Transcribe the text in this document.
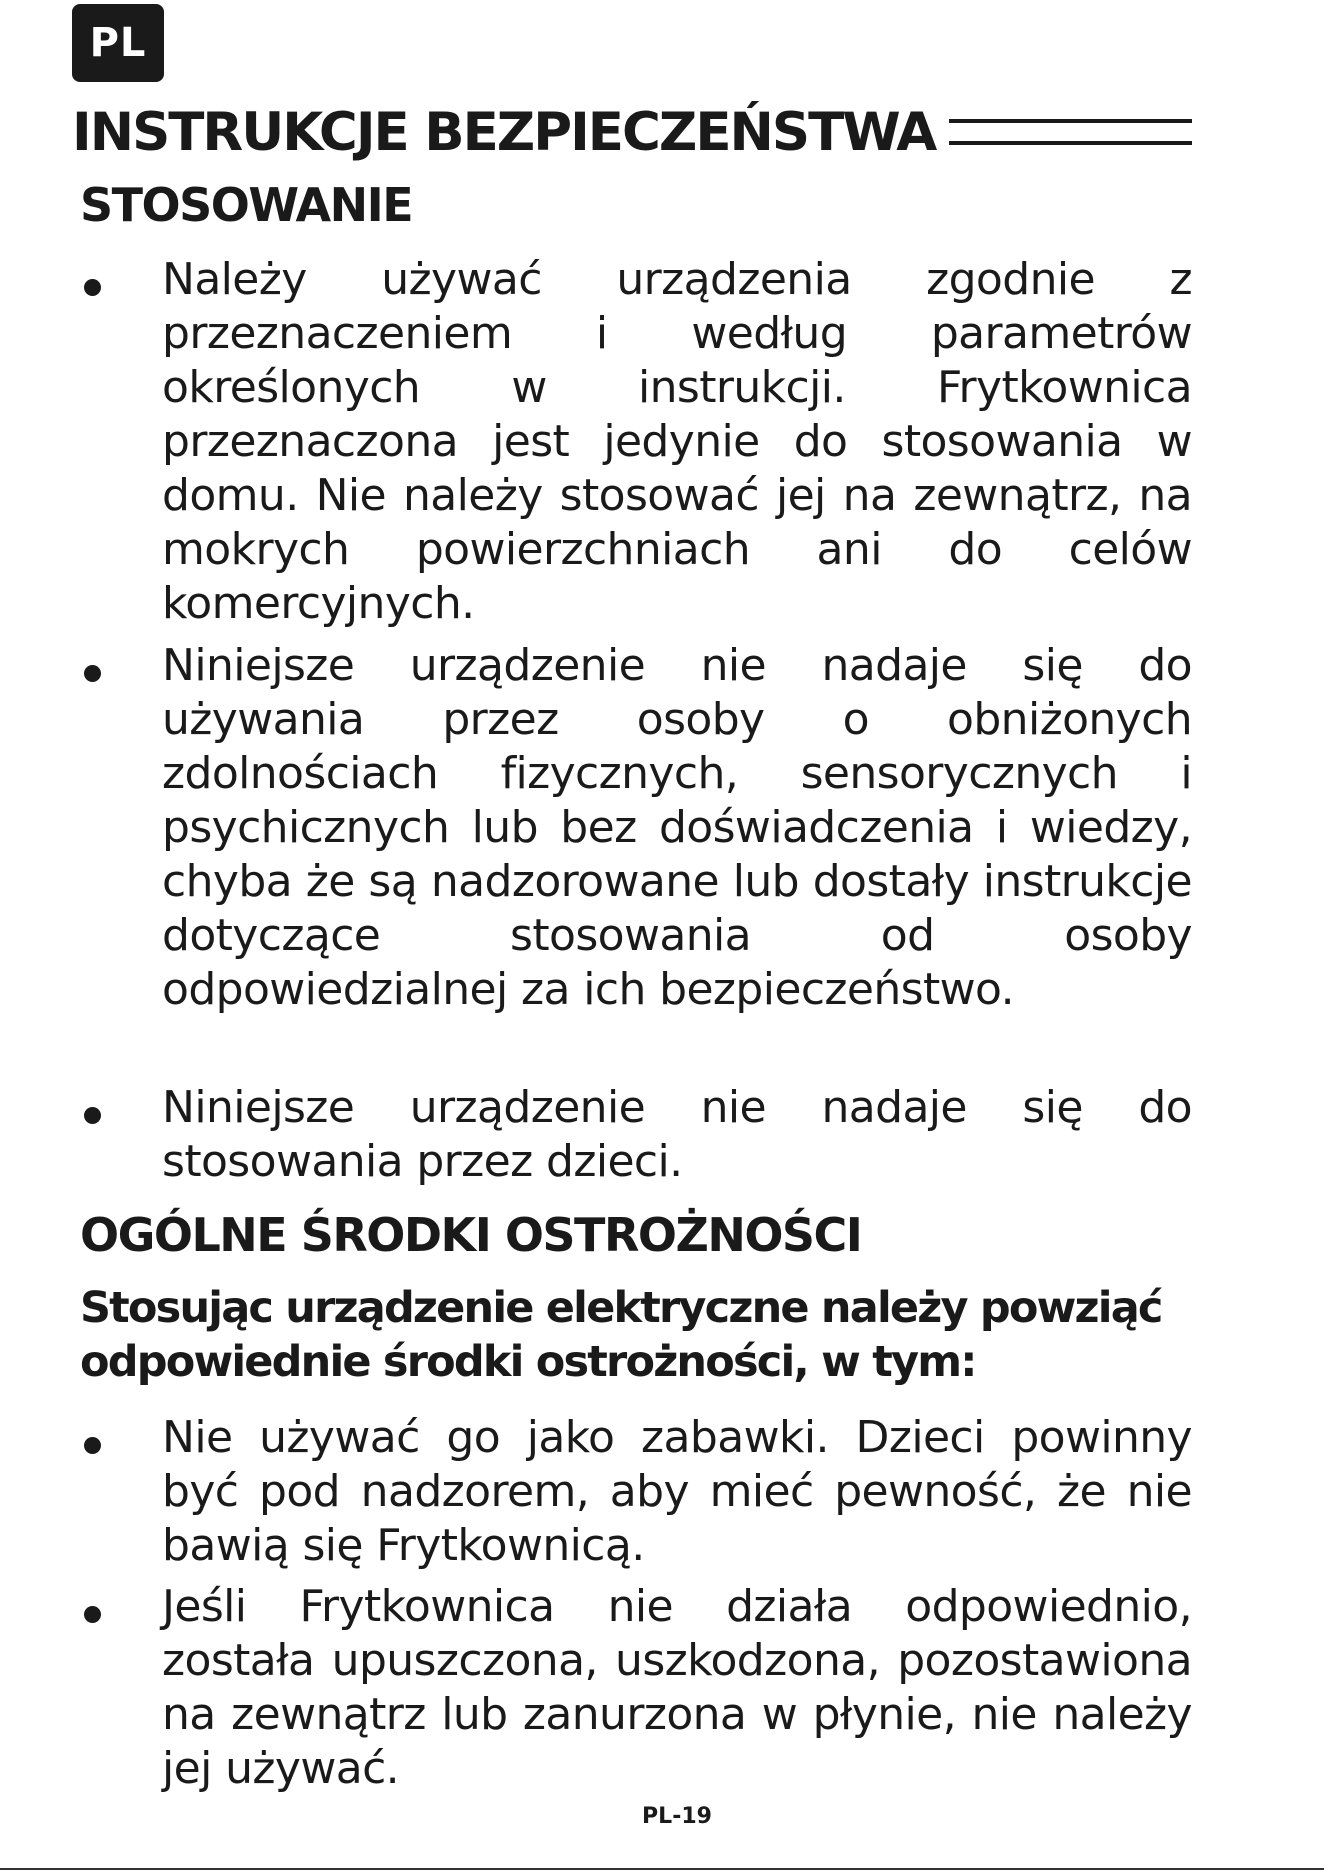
PL
INSTRUKCJE BEZPIECZEŃSTWA
STOSOWANIE
Należy używać urządzenia zgodnie z przeznaczeniem i według parametrów określonych w instrukcji. Frytkownica przeznaczona jest jedynie do stosowania w domu. Nie należy stosować jej na zewnątrz, na mokrych powierzchniach ani do celów komercyjnych.
Niniejsze urządzenie nie nadaje się do używania przez osoby o obniżonych zdolnościach fizycznych, sensorycznych i psychicznych lub bez doświadczenia i wiedzy, chyba że są nadzorowane lub dostały instrukcje dotyczące stosowania od osoby odpowiedzialnej za ich bezpieczeństwo.
Niniejsze urządzenie nie nadaje się do stosowania przez dzieci.
OGÓLNE ŚRODKI OSTROŻNOŚCI
Stosując urządzenie elektryczne należy powziąć odpowiednie środki ostrożności, w tym:
Nie używać go jako zabawki. Dzieci powinny być pod nadzorem, aby mieć pewność, że nie bawią się Frytkownicą.
Jeśli Frytkownica nie działa odpowiednio, została upuszczona, uszkodzona, pozostawiona na zewnątrz lub zanurzona w płynie, nie należy jej używać.
PL-19
